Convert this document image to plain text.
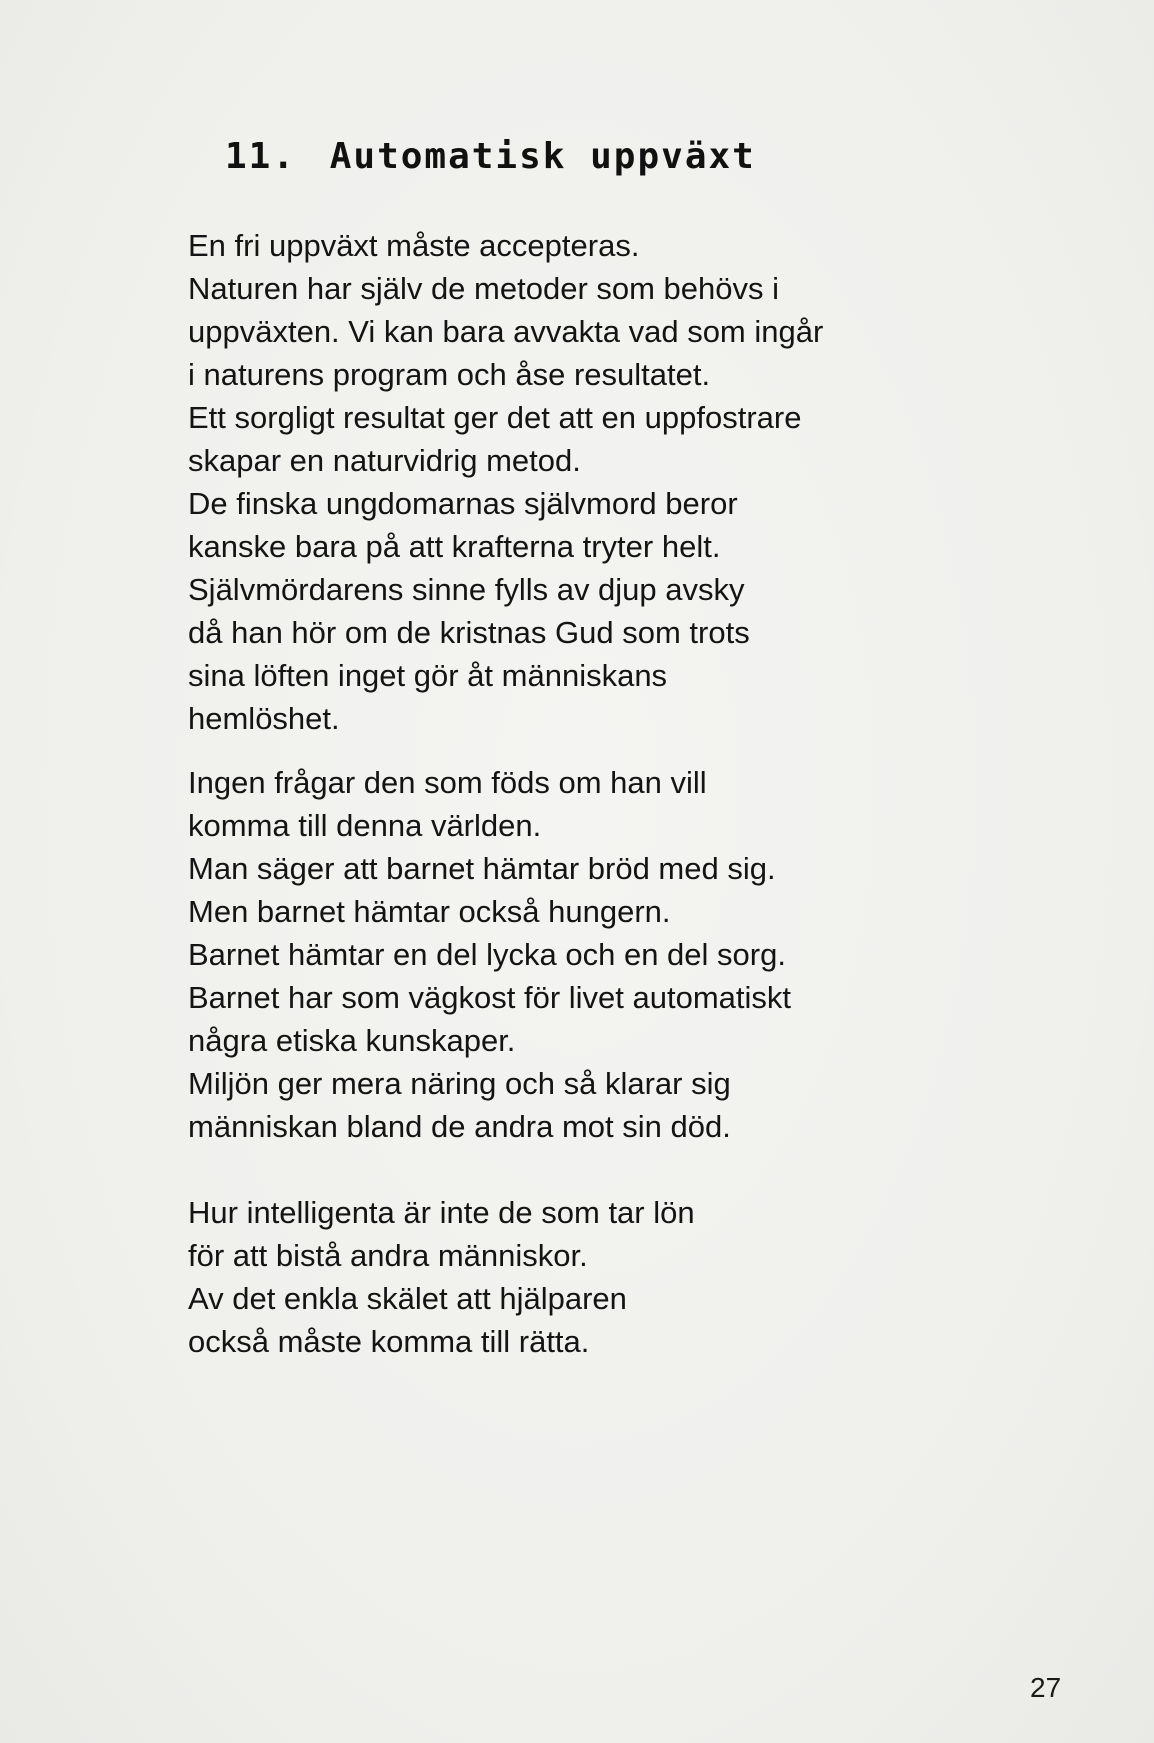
11. Automatisk uppväxt

En fri uppväxt måste accepteras.
Naturen har själv de metoder som behövs i
uppväxten. Vi kan bara avvakta vad som ingår
i naturens program och åse resultatet.
Ett sorgligt resultat ger det att en uppfostrare
skapar en naturvidrig metod.
De finska ungdomarnas självmord beror
kanske bara på att krafterna tryter helt.
Självmördarens sinne fylls av djup avsky
då han hör om de kristnas Gud som trots
sina löften inget gör åt människans
hemlöshet.

Ingen frågar den som föds om han vill
komma till denna världen.
Man säger att barnet hämtar bröd med sig.
Men barnet hämtar också hungern.
Barnet hämtar en del lycka och en del sorg.
Barnet har som vägkost för livet automatiskt
några etiska kunskaper.
Miljön ger mera näring och så klarar sig
människan bland de andra mot sin död.

Hur intelligenta är inte de som tar lön
för att bistå andra människor.
Av det enkla skälet att hjälparen
också måste komma till rätta.

27
